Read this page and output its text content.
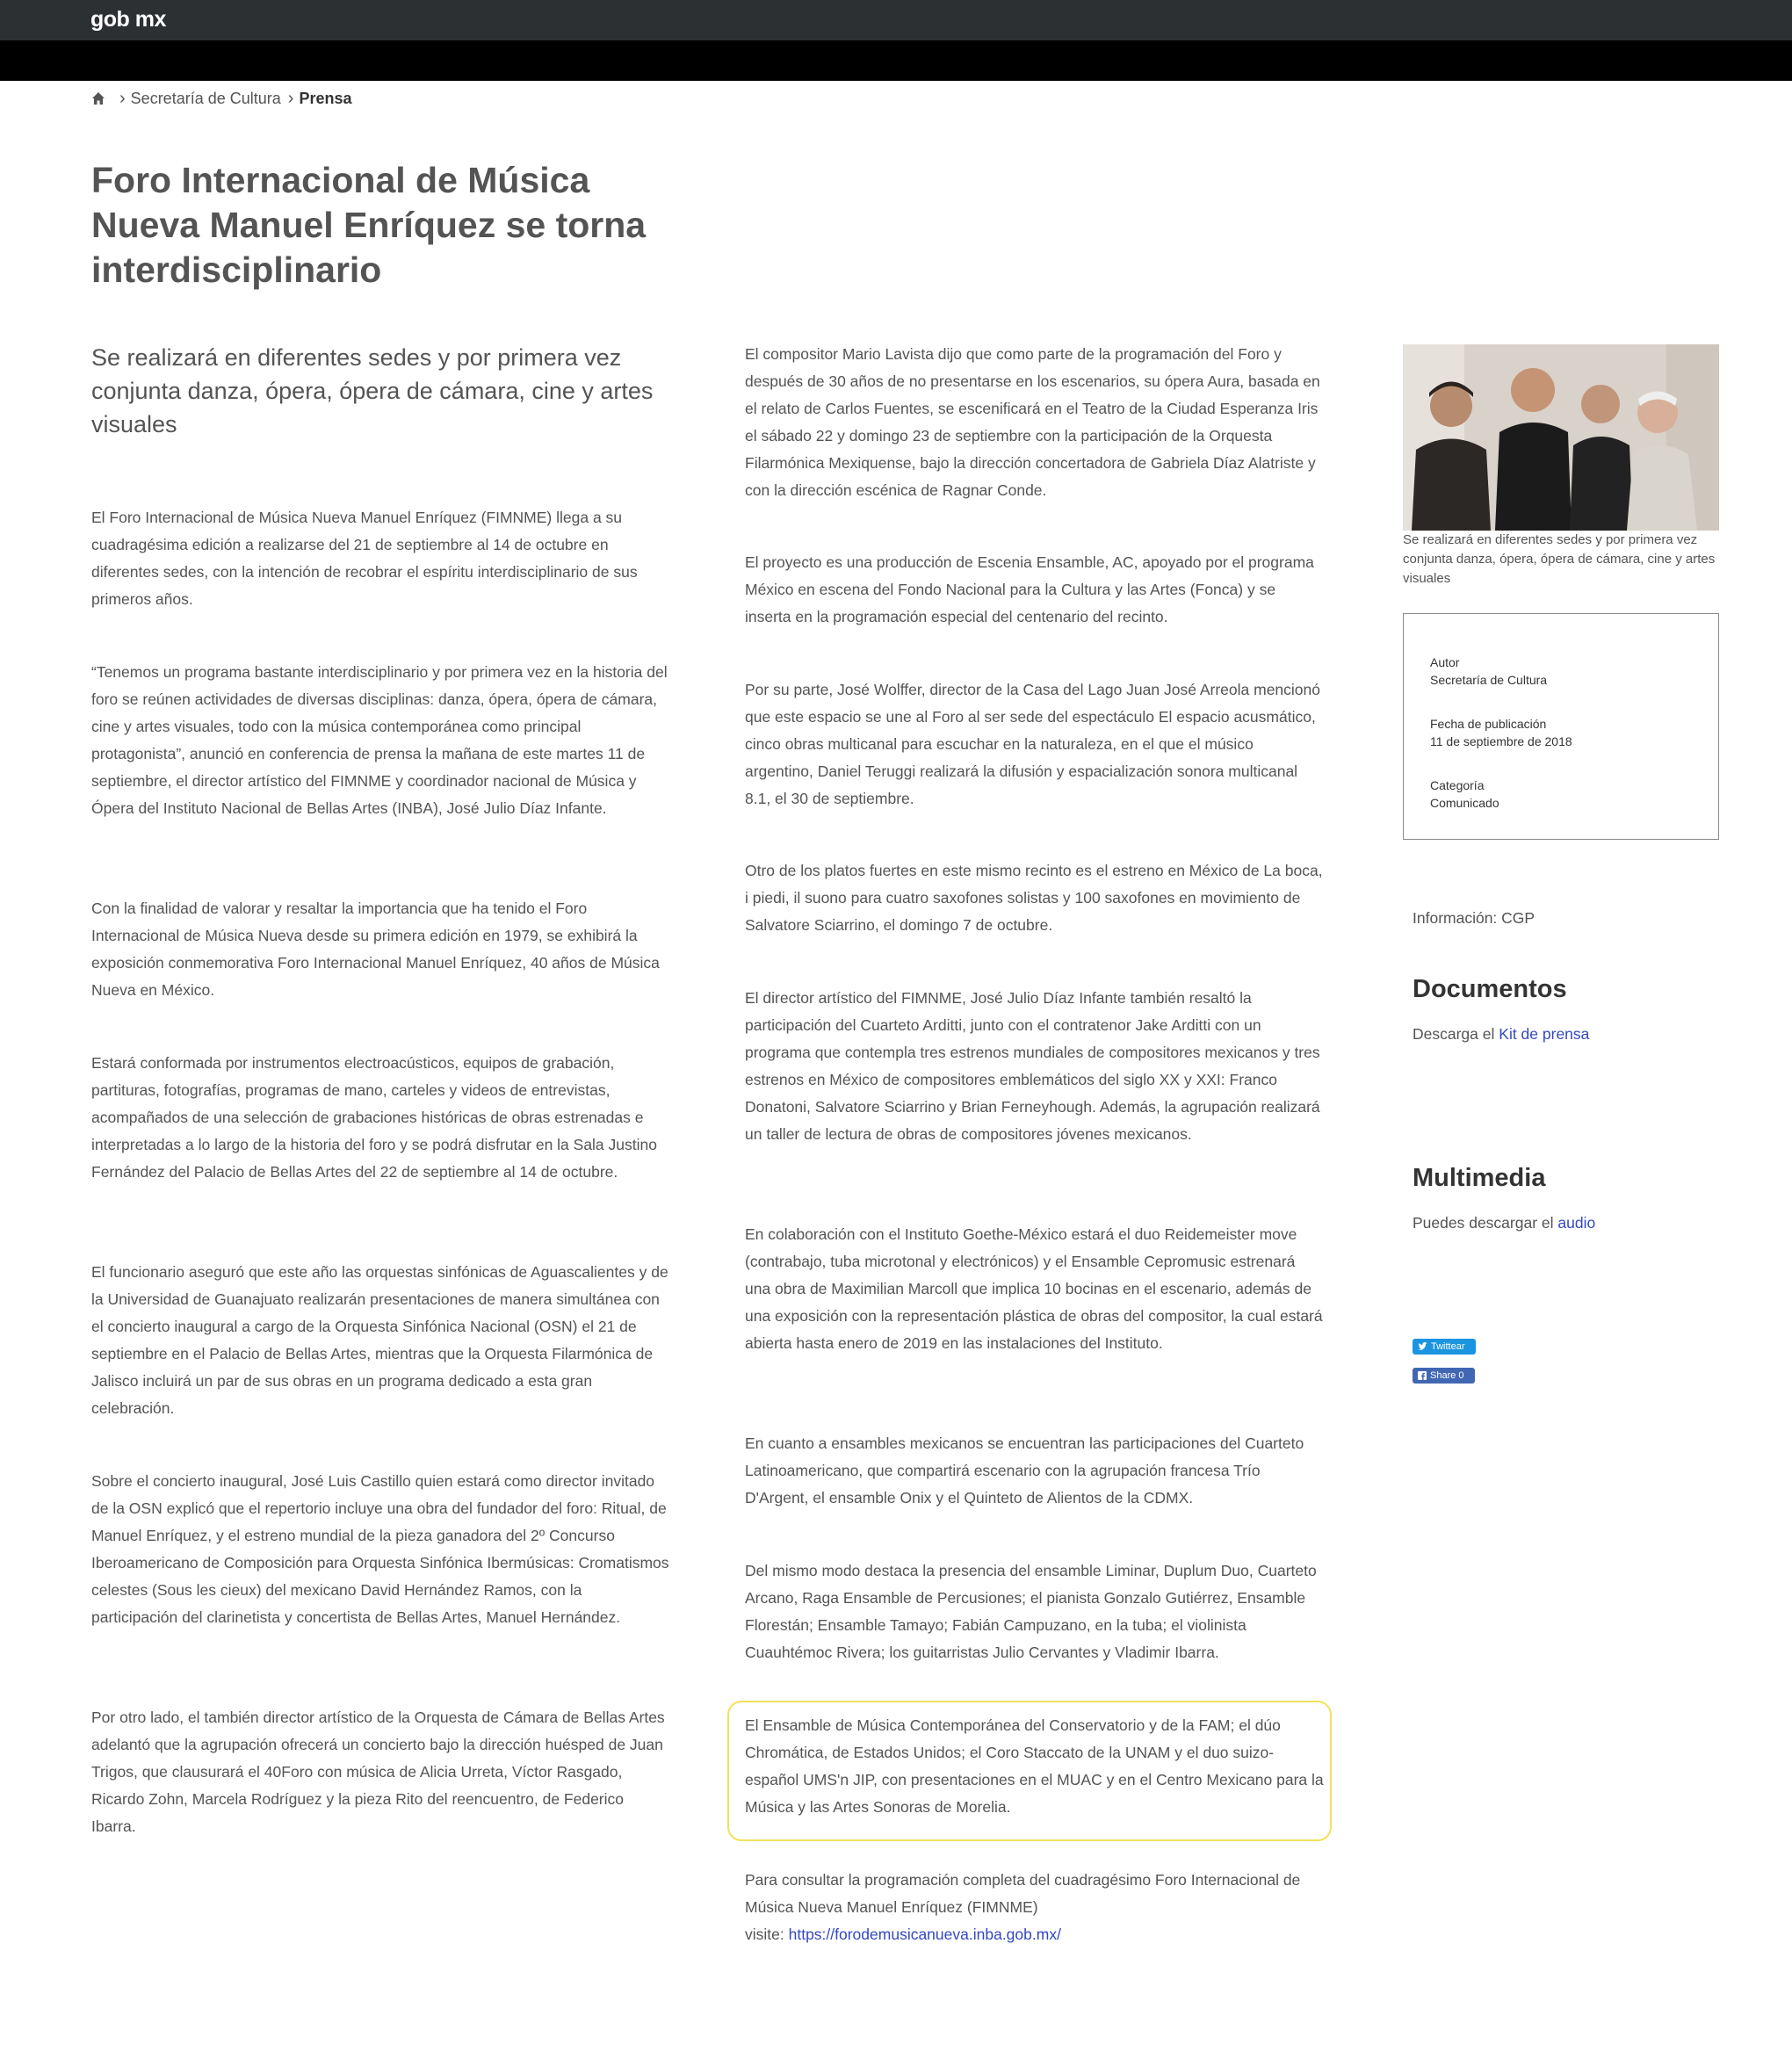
gob mx
› Secretaría de Cultura › Prensa
Foro Internacional de Música Nueva Manuel Enríquez se torna interdisciplinario
Se realizará en diferentes sedes y por primera vez conjunta danza, ópera, ópera de cámara, cine y artes visuales

El Foro Internacional de Música Nueva Manuel Enríquez (FIMNME) llega a su cuadragésima edición a realizarse del 21 de septiembre al 14 de octubre en diferentes sedes, con la intención de recobrar el espíritu interdisciplinario de sus primeros años.

“Tenemos un programa bastante interdisciplinario y por primera vez en la historia del foro se reúnen actividades de diversas disciplinas: danza, ópera, ópera de cámara, cine y artes visuales, todo con la música contemporánea como principal protagonista”, anunció en conferencia de prensa la mañana de este martes 11 de septiembre, el director artístico del FIMNME y coordinador nacional de Música y Ópera del Instituto Nacional de Bellas Artes (INBA), José Julio Díaz Infante.

Con la finalidad de valorar y resaltar la importancia que ha tenido el Foro Internacional de Música Nueva desde su primera edición en 1979, se exhibirá la exposición conmemorativa Foro Internacional Manuel Enríquez, 40 años de Música Nueva en México.

Estará conformada por instrumentos electroacústicos, equipos de grabación, partituras, fotografías, programas de mano, carteles y videos de entrevistas, acompañados de una selección de grabaciones históricas de obras estrenadas e interpretadas a lo largo de la historia del foro y se podrá disfrutar en la Sala Justino Fernández del Palacio de Bellas Artes del 22 de septiembre al 14 de octubre.

El funcionario aseguró que este año las orquestas sinfónicas de Aguascalientes y de la Universidad de Guanajuato realizarán presentaciones de manera simultánea con el concierto inaugural a cargo de la Orquesta Sinfónica Nacional (OSN) el 21 de septiembre en el Palacio de Bellas Artes, mientras que la Orquesta Filarmónica de Jalisco incluirá un par de sus obras en un programa dedicado a esta gran celebración.

Sobre el concierto inaugural, José Luis Castillo quien estará como director invitado de la OSN explicó que el repertorio incluye una obra del fundador del foro: Ritual, de Manuel Enríquez, y el estreno mundial de la pieza ganadora del 2º Concurso Iberoamericano de Composición para Orquesta Sinfónica Ibermúsicas: Cromatismos celestes (Sous les cieux) del mexicano David Hernández Ramos, con la participación del clarinetista y concertista de Bellas Artes, Manuel Hernández.

Por otro lado, el también director artístico de la Orquesta de Cámara de Bellas Artes adelantó que la agrupación ofrecerá un concierto bajo la dirección huésped de Juan Trigos, que clausurará el 40Foro con música de Alicia Urreta, Víctor Rasgado, Ricardo Zohn, Marcela Rodríguez y la pieza Rito del reencuentro, de Federico Ibarra.

El compositor Mario Lavista dijo que como parte de la programación del Foro y después de 30 años de no presentarse en los escenarios, su ópera Aura, basada en el relato de Carlos Fuentes, se escenificará en el Teatro de la Ciudad Esperanza Iris el sábado 22 y domingo 23 de septiembre con la participación de la Orquesta Filarmónica Mexiquense, bajo la dirección concertadora de Gabriela Díaz Alatriste y con la dirección escénica de Ragnar Conde.

El proyecto es una producción de Escenia Ensamble, AC, apoyado por el programa México en escena del Fondo Nacional para la Cultura y las Artes (Fonca) y se inserta en la programación especial del centenario del recinto.

Por su parte, José Wolffer, director de la Casa del Lago Juan José Arreola mencionó que este espacio se une al Foro al ser sede del espectáculo El espacio acusmático, cinco obras multicanal para escuchar en la naturaleza, en el que el músico argentino, Daniel Teruggi realizará la difusión y espacialización sonora multicanal 8.1, el 30 de septiembre.

Otro de los platos fuertes en este mismo recinto es el estreno en México de La boca, i piedi, il suono para cuatro saxofones solistas y 100 saxofones en movimiento de Salvatore Sciarrino, el domingo 7 de octubre.

El director artístico del FIMNME, José Julio Díaz Infante también resaltó la participación del Cuarteto Arditti, junto con el contratenor Jake Arditti con un programa que contempla tres estrenos mundiales de compositores mexicanos y tres estrenos en México de compositores emblemáticos del siglo XX y XXI: Franco Donatoni, Salvatore Sciarrino y Brian Ferneyhough. Además, la agrupación realizará un taller de lectura de obras de compositores jóvenes mexicanos.

En colaboración con el Instituto Goethe-México estará el duo Reidemeister move (contrabajo, tuba microtonal y electrónicos) y el Ensamble Cepromusic estrenará una obra de Maximilian Marcoll que implica 10 bocinas en el escenario, además de una exposición con la representación plástica de obras del compositor, la cual estará abierta hasta enero de 2019 en las instalaciones del Instituto.

En cuanto a ensambles mexicanos se encuentran las participaciones del Cuarteto Latinoamericano, que compartirá escenario con la agrupación francesa Trío D'Argent, el ensamble Onix y el Quinteto de Alientos de la CDMX.

Del mismo modo destaca la presencia del ensamble Liminar, Duplum Duo, Cuarteto Arcano, Raga Ensamble de Percusiones; el pianista Gonzalo Gutiérrez, Ensamble Florestán; Ensamble Tamayo; Fabián Campuzano, en la tuba; el violinista Cuauhtémoc Rivera; los guitarristas Julio Cervantes y Vladimir Ibarra.

El Ensamble de Música Contemporánea del Conservatorio y de la FAM; el dúo Chromática, de Estados Unidos; el Coro Staccato de la UNAM y el duo suizo-español UMS'n JIP, con presentaciones en el MUAC y en el Centro Mexicano para la Música y las Artes Sonoras de Morelia.

Para consultar la programación completa del cuadragésimo Foro Internacional de Música Nueva Manuel Enríquez (FIMNME)
visite: https://forodemusicanueva.inba.gob.mx/

Se realizará en diferentes sedes y por primera vez conjunta danza, ópera, ópera de cámara, cine y artes visuales

Autor
Secretaría de Cultura
Fecha de publicación
11 de septiembre de 2018
Categoría
Comunicado
Información: CGP
Documentos
Descarga el Kit de prensa
Multimedia
Puedes descargar el audio
Twittear
Share 0
